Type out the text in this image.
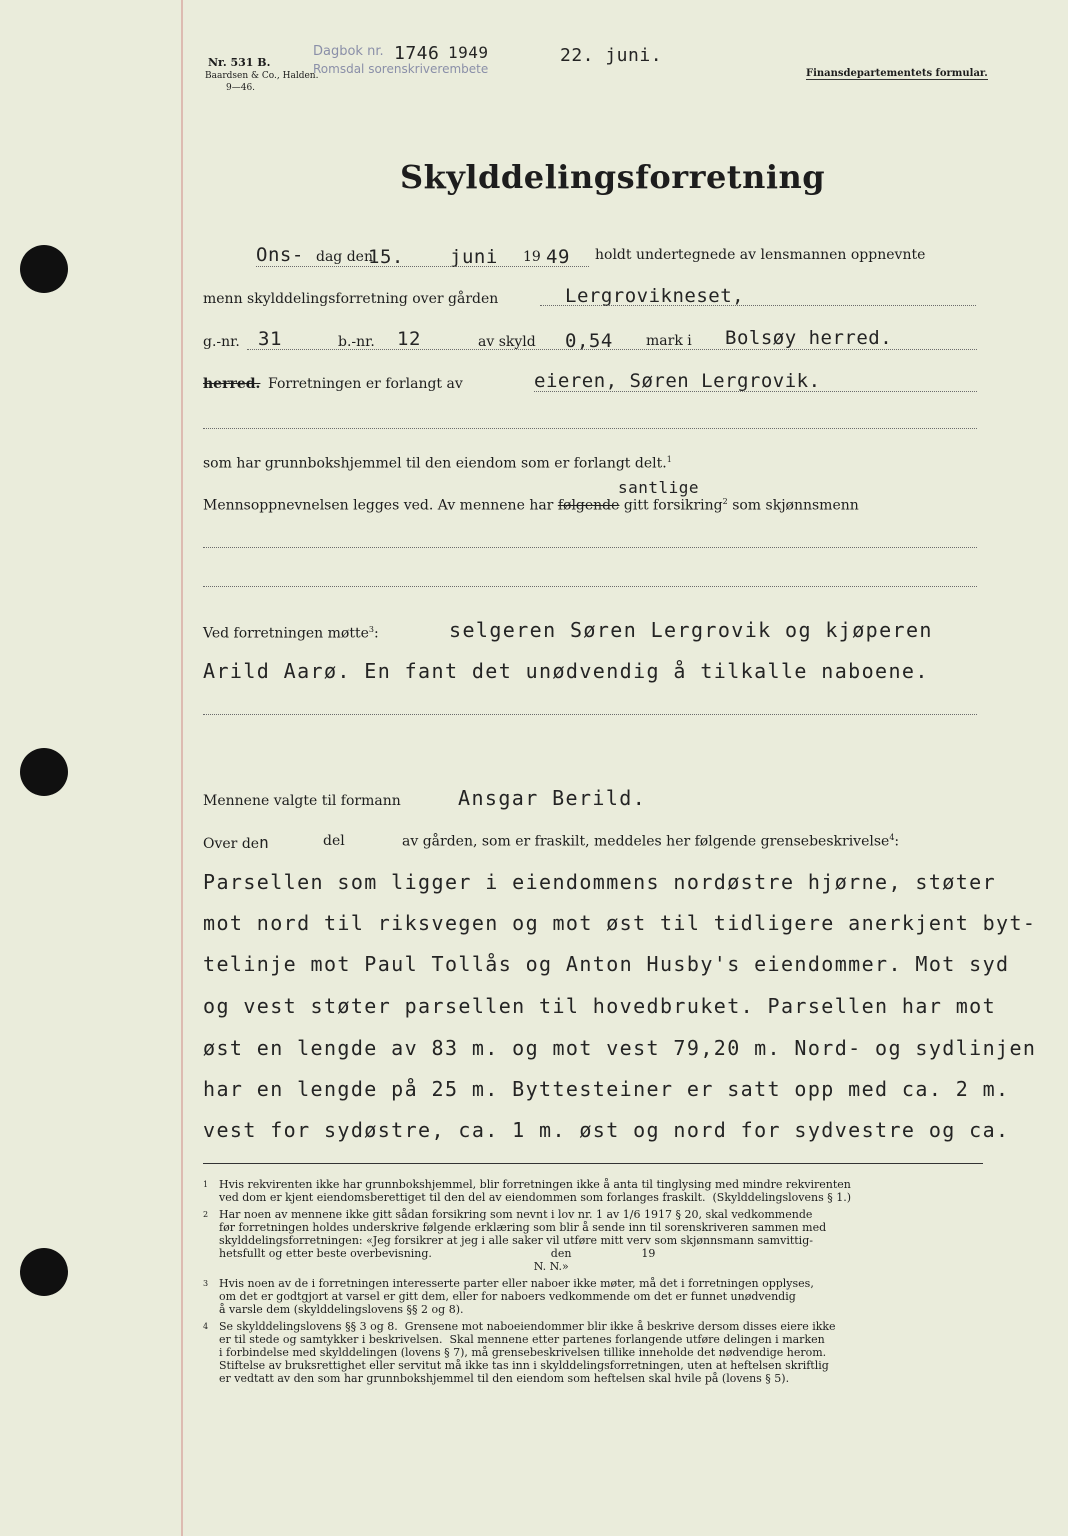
Nr. 531 B.
Baardsen & Co., Halden.
9—46.
Dagbok nr. 1746 1949	22. juni.
Romsdal sorenskriverembete	Finansdepartementets formular.
Skylddelingsforretning
Ons- dag den
15. juni 19 49 holdt undertegnede av lensmannen oppnevnte
menn skylddelingsforretning over gården	Lergrovikneset,
g.-nr. 31	b.-nr. 12	av skyld 0,54 mark i Bolsøy herred.
herred. Forretningen er forlangt av	eieren, Søren Lergrovik.
som har grunnbokshjemmel til den eiendom som er forlangt delt.$^1$
santlige
Mennsoppnevnelsen legges ved. Av mennene har følgende gitt forsikring$^2$ som skjønnsmenn
Ved forretningen møtte$^3$:	selgeren Søren Lergrovik og kjøperen
Arild Aarø. En fant det unødvendig å tilkalle naboene.
Mennene valgte til formann	Ansgar Berild.
Over den	del	av gården, som er fraskilt, meddeles her følgende grensebeskrivelse$^4$:
Parsellen som ligger i eiendommens nordøstre hjørne, støter
mot nord til riksvegen og mot øst til tidligere anerkjent byt-
telinje mot Paul Tollås og Anton Husby's eiendommer. Mot syd
og vest støter parsellen til hovedbruket. Parsellen har mot
øst en lengde av 83 m. og mot vest 79,20 m. Nord- og sydlinjen
har en lengde på 25 m. Byttesteiner er satt opp med ca. 2 m.
vest for sydøstre, ca. 1 m. øst og nord for sydvestre og ca.
1 Hvis rekvirenten ikke har grunnbokshjemmel, blir forretningen ikke å anta til tinglysing med mindre rekvirenten
ved dom er kjent eiendomsberettiget til den del av eiendommen som forlanges fraskilt.  (Skylddelingslovens § 1.)
2 Har noen av mennene ikke gitt sådan forsikring som nevnt i lov nr. 1 av 1/6 1917 § 20, skal vedkommende
før forretningen holdes underskrive følgende erklæring som blir å sende inn til sorenskriveren sammen med
skylddelingsforretningen: «Jeg forsikrer at jeg i alle saker vil utføre mitt verv som skjønnsmann samvittig-
hetsfullt og etter beste overbevisning.                                  den                    19
N. N.»
3 Hvis noen av de i forretningen interesserte parter eller naboer ikke møter, må det i forretningen opplyses,
om det er godtgjort at varsel er gitt dem, eller for naboers vedkommende om det er funnet unødvendig
å varsle dem (skylddelingslovens §§ 2 og 8).
4 Se skylddelingslovens §§ 3 og 8.  Grensene mot naboeiendommer blir ikke å beskrive dersom disses eiere ikke
er til stede og samtykker i beskrivelsen.  Skal mennene etter partenes forlangende utføre delingen i marken
i forbindelse med skylddelingen (lovens § 7), må grensebeskrivelsen tillike inneholde det nødvendige herom.
Stiftelse av bruksrettighet eller servitut må ikke tas inn i skylddelingsforretningen, uten at heftelsen skriftlig
er vedtatt av den som har grunnbokshjemmel til den eiendom som heftelsen skal hvile på (lovens § 5).
